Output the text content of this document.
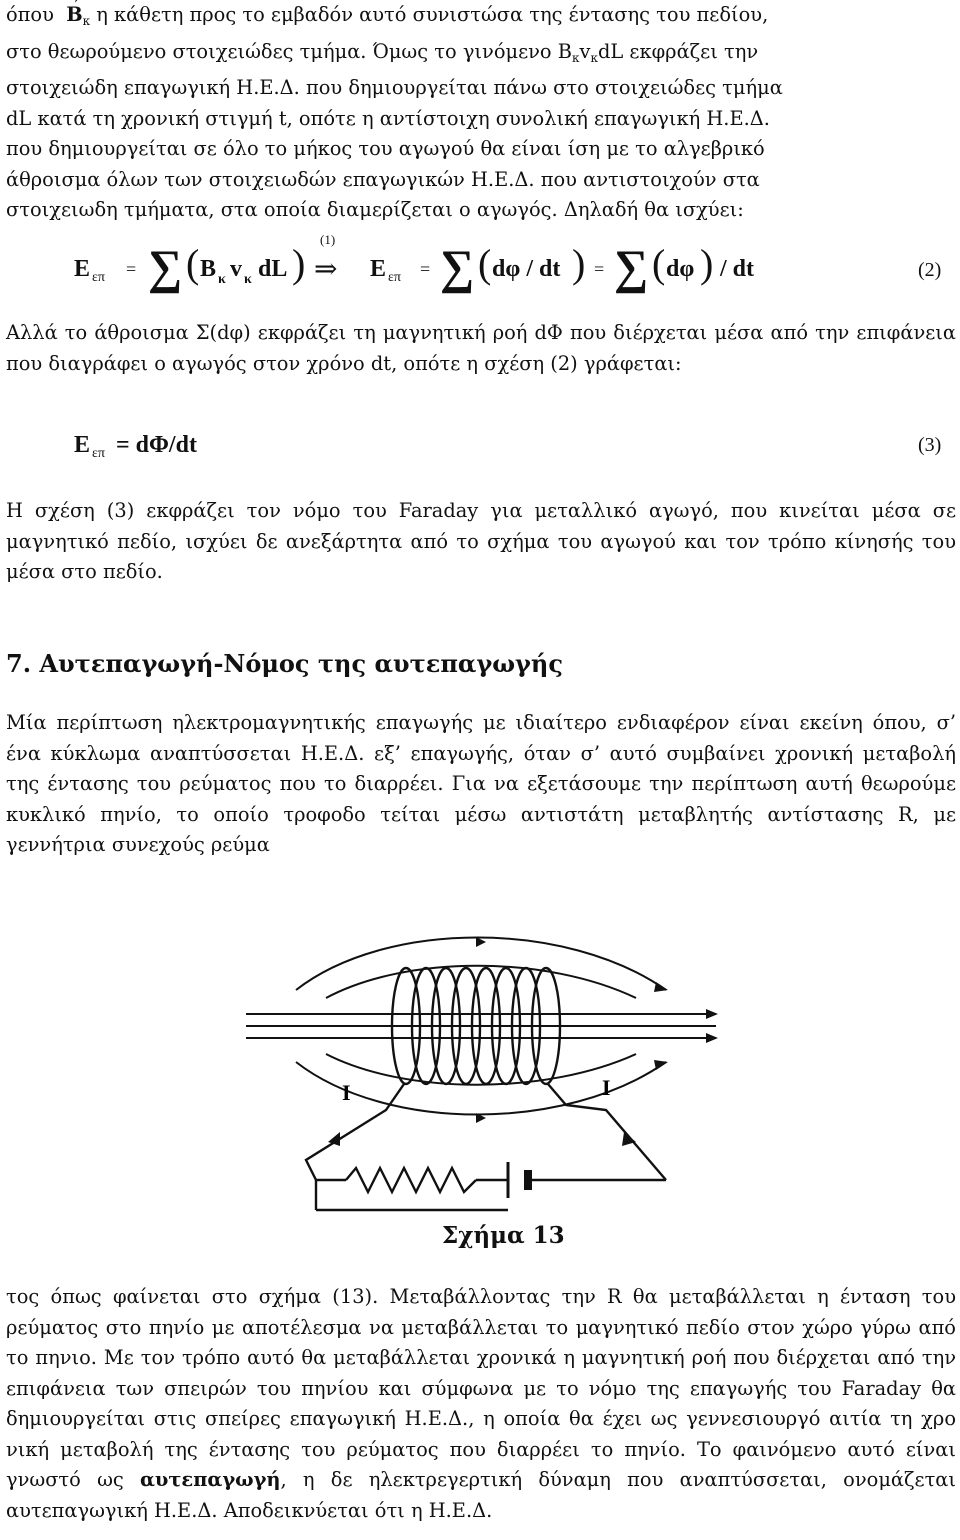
$ό\pi o\upsilon \to B_\kappa$ η κάθετη προς το εμβαδόν αυτό συνιστώσα της έντασης του πεδίου,

στο θεωρούμενο στοιχειώδες τμήμα. Όμως το γινόμενο $B_\kappa v_\kappa dL$ εκφράζει την

στοιχειώδη επαγωγική Η.Ε.Δ. που δημιουργείται πάνω στο στοιχειώδες τμήμα

dL κατά τη χρονική στιγμή t, οπότε η αντίστοιχη συνολική επαγωγική Η.Ε.Δ.

που δημιουργείται σε όλο το μήκος του αγωγού θα είναι ίση με το αλγεβρικό

άθροισμα όλων των στοιχειωδών επαγωγικών Η.Ε.Δ. που αντιστοιχούν στα

στοιχειωδη τμήματα, στα οποία διαμερίζεται ο αγωγός. Δηλαδή θα ισχύει:

E επ = ∑ ( B κ v κ dL )
(1)
⇒ E επ = ∑ ( dφ / dt ) = ∑ ( dφ ) / dt	(2)

Αλλά το άθροισμα Σ(dφ) εκφράζει τη μαγνητική ροή dΦ που διέρχεται μέσα από την επιφάνεια που διαγράφει ο αγωγός στον χρόνο dt, οπότε η σχέση (2) γράφεται:

E επ = dΦ/dt	(3)

Η σχέση (3) εκφράζει τον νόμο του Faraday για μεταλλικό αγωγό, που κινείται μέσα σε μαγνητικό πεδίο, ισχύει δε ανεξάρτητα από το σχήμα του αγωγού και τον τρόπο κίνησής του μέσα στο πεδίο.

7. Αυτεπαγωγή-Νόμος της αυτεπαγωγής

Μία περίπτωση ηλεκτρομαγνητικής επαγωγής με ιδιαίτερο ενδιαφέρον είναι εκείνη όπου, σ’ ένα κύκλωμα αναπτύσσεται Η.Ε.Δ. εξ’ επαγωγής, όταν σ’ αυτό συμβαίνει χρονική μεταβολή της έντασης του ρεύματος που το διαρρέει. Για να εξετάσουμε την περίπτωση αυτή θεωρούμε κυκλικό πηνίο, το οποίο τροφοδο τείται μέσω αντιστάτη μεταβλητής αντίστασης R, με γεννήτρια συνεχούς ρεύμα

I	I
Σχήμα 13

τος όπως φαίνεται στο σχήμα (13). Μεταβάλλοντας την R θα μεταβάλλεται η ένταση του ρεύματος στο πηνίο με αποτέλεσμα να μεταβάλλεται το μαγνητικό πεδίο στον χώρο γύρω από το πηνιο. Με τον τρόπο αυτό θα μεταβάλλεται χρονικά η μαγνητική ροή που διέρχεται από την επιφάνεια των σπειρών του πηνίου και σύμφωνα με το νόμο της επαγωγής του Faraday θα δημιουργείται στις σπείρες επαγωγική Η.Ε.Δ., η οποία θα έχει ως γεννεσιουργό αιτία τη χρο νική μεταβολή της έντασης του ρεύματος που διαρρέει το πηνίο. Το φαινόμενο αυτό είναι γνωστό ως αυτεπαγωγή, η δε ηλεκτρεγερτική δύναμη που αναπτύσσεται, ονομάζεται αυτεπαγωγική Η.Ε.Δ. Αποδεικνύεται ότι η Η.Ε.Δ.
